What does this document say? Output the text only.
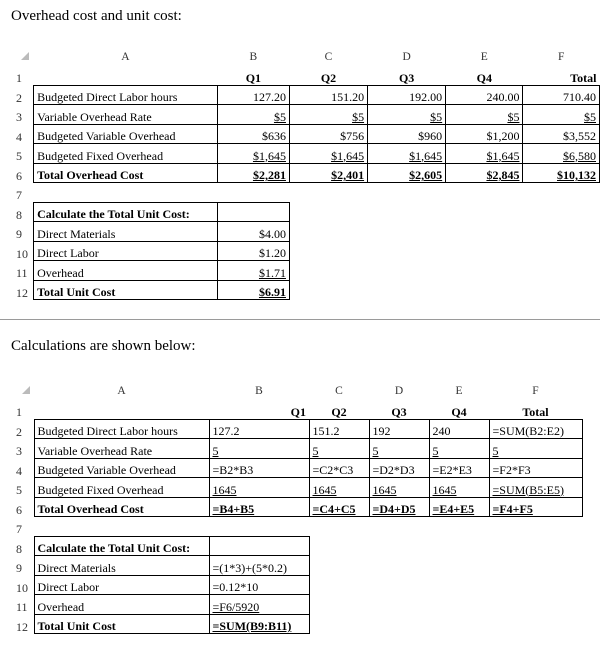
Overhead cost and unit cost:
	A	B	C	D	E	F
1		Q1	Q2	Q3	Q4	Total
2	Budgeted Direct Labor hours	127.20	151.20	192.00	240.00	710.40
3	Variable Overhead Rate	$5	$5	$5	$5	$5
4	Budgeted Variable Overhead	$636	$756	$960	$1,200	$3,552
5	Budgeted Fixed Overhead	$1,645	$1,645	$1,645	$1,645	$6,580
6	Total Overhead Cost	$2,281	$2,401	$2,605	$2,845	$10,132
7						
8	Calculate the Total Unit Cost:					
9	Direct Materials	$4.00				
10	Direct Labor	$1.20				
11	Overhead	$1.71				
12	Total Unit Cost	$6.91				
Calculations are shown below:
	A	B	C	D	E	F
1		Q1	Q2	Q3	Q4	Total
2	Budgeted Direct Labor hours	127.2	151.2	192	240	=SUM(B2:E2)
3	Variable Overhead Rate	5	5	5	5	5
4	Budgeted Variable Overhead	=B2*B3	=C2*C3	=D2*D3	=E2*E3	=F2*F3
5	Budgeted Fixed Overhead	1645	1645	1645	1645	=SUM(B5:E5)
6	Total Overhead Cost	=B4+B5	=C4+C5	=D4+D5	=E4+E5	=F4+F5
7						
8	Calculate the Total Unit Cost:					
9	Direct Materials	=(1*3)+(5*0.2)				
10	Direct Labor	=0.12*10				
11	Overhead	=F6/5920				
12	Total Unit Cost	=SUM(B9:B11)				
